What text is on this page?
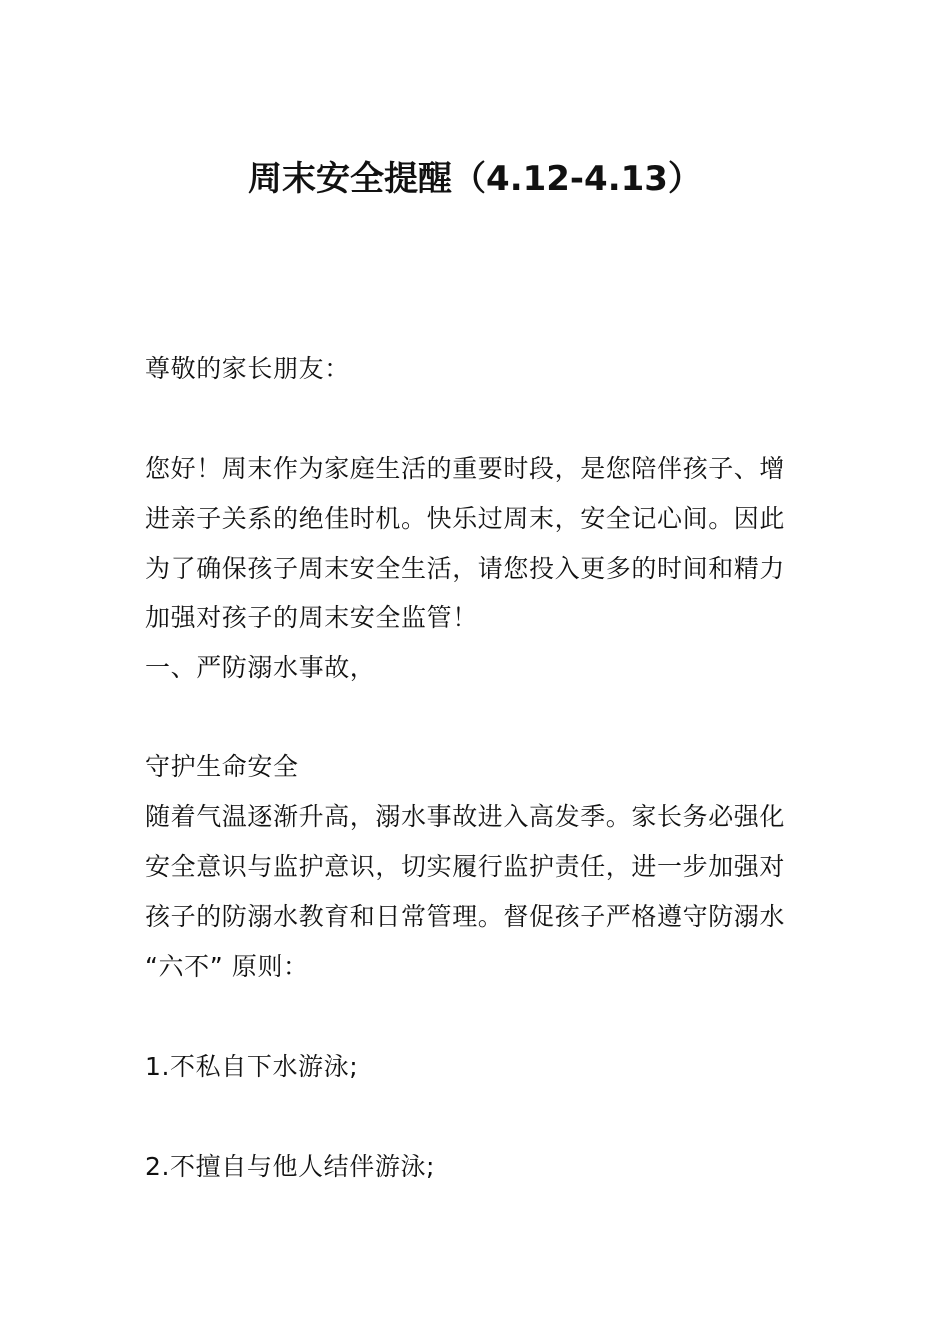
周末安全提醒（4.12-4.13）
尊敬的家长朋友：
您好！周末作为家庭生活的重要时段，是您陪伴孩子、增
进亲子关系的绝佳时机。快乐过周末，安全记心间。因此
为了确保孩子周末安全生活，请您投入更多的时间和精力
加强对孩子的周末安全监管！
一、严防溺水事故，
守护生命安全
随着气温逐渐升高，溺水事故进入高发季。家长务必强化
安全意识与监护意识，切实履行监护责任，进一步加强对
孩子的防溺水教育和日常管理。督促孩子严格遵守防溺水
“六不” 原则：
1.不私自下水游泳;
2.不擅自与他人结伴游泳;
